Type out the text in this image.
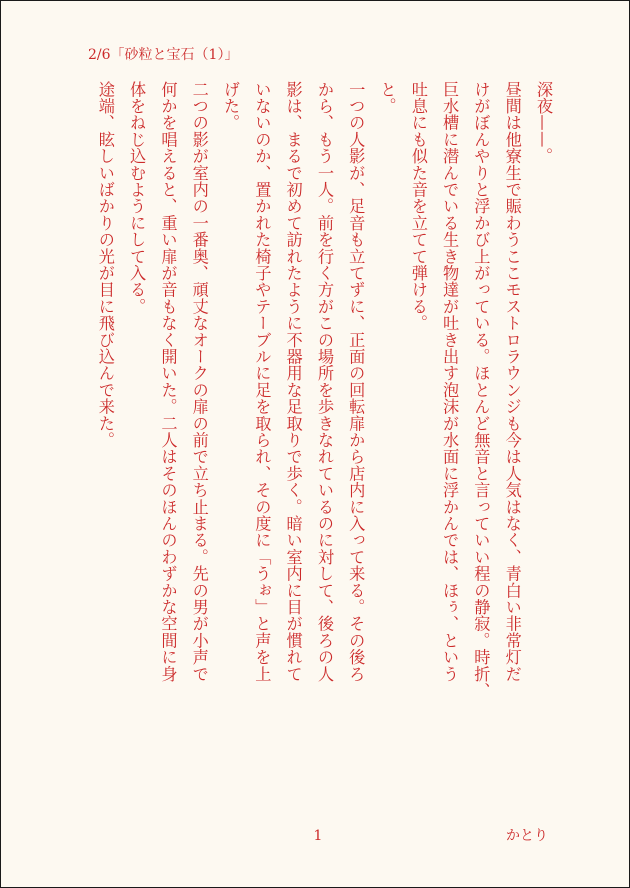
2/6「砂粒と宝石（1）」

深夜——。

昼間は他寮生で賑わうここモストロラウンジも今は人気はなく、青白い非常灯だ

けがぼんやりと浮かび上がっている。ほとんど無音と言っていい程の静寂。時折、

巨水槽に潜んでいる生き物達が吐き出す泡沫が水面に浮かんでは、ほぅ、という

吐息にも似た音を立てて弾ける。

と。

一つの人影が、足音も立てずに、正面の回転扉から店内に入って来る。その後ろ

から、もう一人。前を行く方がこの場所を歩きなれているのに対して、後ろの人

影は、まるで初めて訪れたように不器用な足取りで歩く。暗い室内に目が慣れて

いないのか、置かれた椅子やテーブルに足を取られ、その度に「うぉ」と声を上

げた。

二つの影が室内の一番奥、頑丈なオークの扉の前で立ち止まる。先の男が小声で

何かを唱えると、重い扉が音もなく開いた。二人はそのほんのわずかな空間に身

体をねじ込むようにして入る。

途端、眩しいばかりの光が目に飛び込んで来た。

1	かとり
